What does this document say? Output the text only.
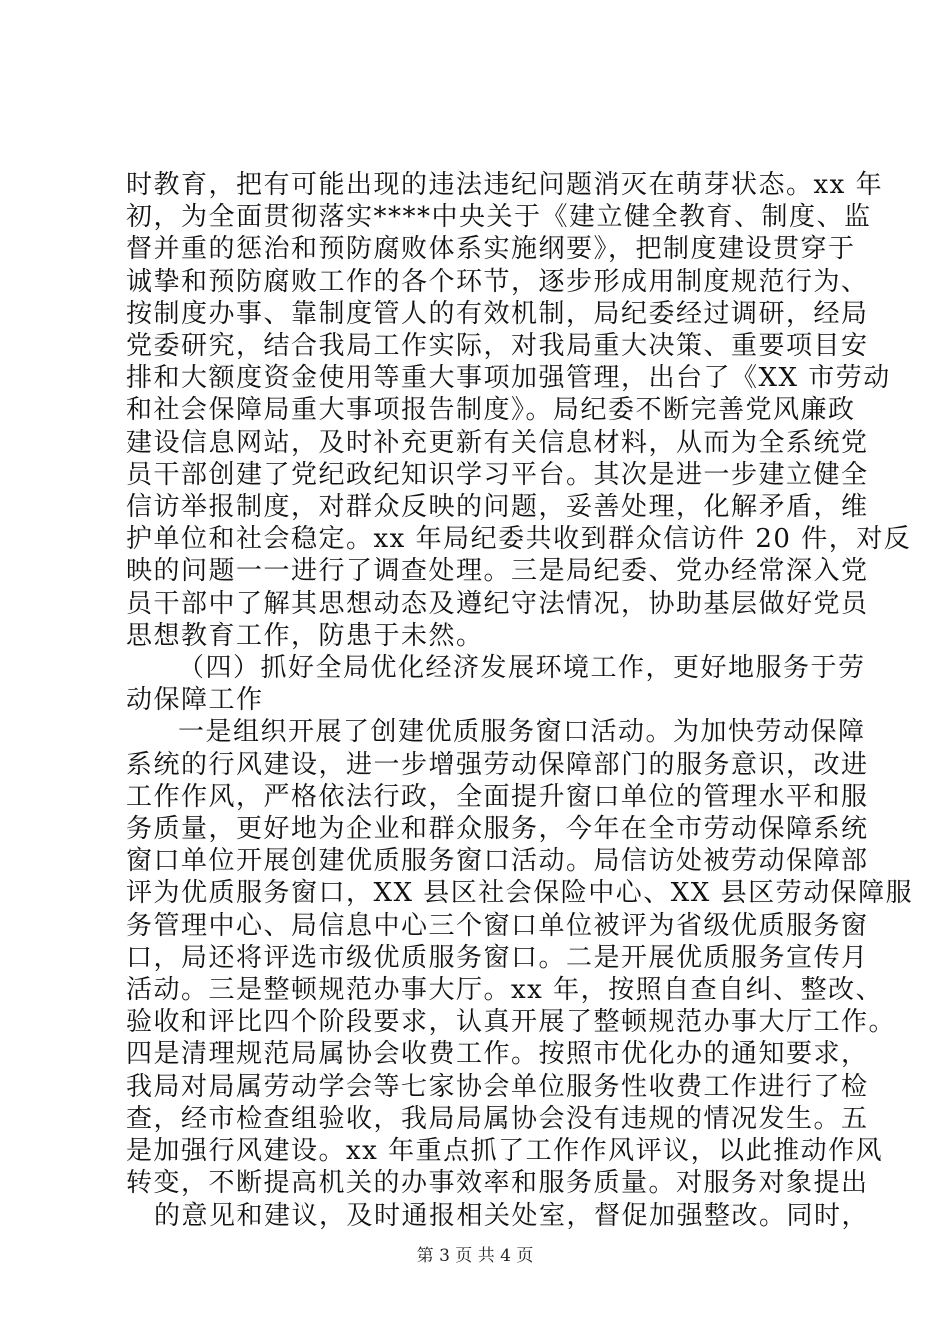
时教育，把有可能出现的违法违纪问题消灭在萌芽状态。xx 年
初，为全面贯彻落实****中央关于《建立健全教育、制度、监
督并重的惩治和预防腐败体系实施纲要》，把制度建设贯穿于
诚挚和预防腐败工作的各个环节，逐步形成用制度规范行为、
按制度办事、靠制度管人的有效机制，局纪委经过调研，经局
党委研究，结合我局工作实际，对我局重大决策、重要项目安
排和大额度资金使用等重大事项加强管理，出台了《XX 市劳动
和社会保障局重大事项报告制度》。局纪委不断完善党风廉政
建设信息网站，及时补充更新有关信息材料，从而为全系统党
员干部创建了党纪政纪知识学习平台。其次是进一步建立健全
信访举报制度，对群众反映的问题，妥善处理，化解矛盾，维
护单位和社会稳定。xx 年局纪委共收到群众信访件 20 件，对反
映的问题一一进行了调查处理。三是局纪委、党办经常深入党
员干部中了解其思想动态及遵纪守法情况，协助基层做好党员
思想教育工作，防患于未然。
（四）抓好全局优化经济发展环境工作，更好地服务于劳
动保障工作
一是组织开展了创建优质服务窗口活动。为加快劳动保障
系统的行风建设，进一步增强劳动保障部门的服务意识，改进
工作作风，严格依法行政，全面提升窗口单位的管理水平和服
务质量，更好地为企业和群众服务，今年在全市劳动保障系统
窗口单位开展创建优质服务窗口活动。局信访处被劳动保障部
评为优质服务窗口，XX 县区社会保险中心、XX 县区劳动保障服
务管理中心、局信息中心三个窗口单位被评为省级优质服务窗
口，局还将评选市级优质服务窗口。二是开展优质服务宣传月
活动。三是整顿规范办事大厅。xx 年，按照自查自纠、整改、
验收和评比四个阶段要求，认真开展了整顿规范办事大厅工作。
四是清理规范局属协会收费工作。按照市优化办的通知要求，
我局对局属劳动学会等七家协会单位服务性收费工作进行了检
查，经市检查组验收，我局局属协会没有违规的情况发生。五
是加强行风建设。xx 年重点抓了工作作风评议，以此推动作风
转变，不断提高机关的办事效率和服务质量。对服务对象提出
的意见和建议，及时通报相关处室，督促加强整改。同时，
第 3 页 共 4 页
